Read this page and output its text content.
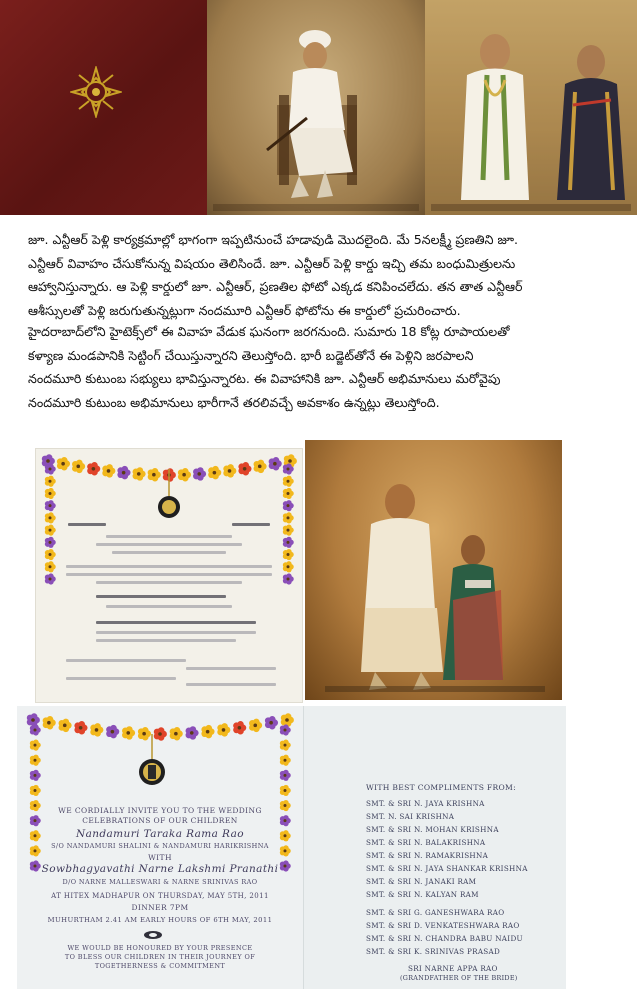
జూ. ఎన్టీఆర్ పెళ్లి కార్యక్రమాల్లో భాగంగా ఇప్పటినుంచే హడావుడి మొదలైంది. మే 5నలక్ష్మీ ప్రణతిని జూ.
ఎన్టీఆర్ వివాహం చేసుకోనున్న విషయం తెలిసిందే. జూ. ఎన్టీఆర్ పెళ్లి కార్డు ఇచ్చి తమ బంధుమిత్రులను
ఆహ్వానిస్తున్నారు. ఆ పెళ్లి కార్డులో జూ. ఎన్టీఆర్, ప్రణతిల ఫోటో ఎక్కడ కనిపించలేదు. తన తాత ఎన్టీఆర్
ఆశీస్సులతో పెళ్లి జరుగుతున్నట్లుగా నందమూరి ఎన్టీఆర్ ఫోటోను ఈ కార్డులో ప్రచురించారు.
హైదరాబాద్‌లోని హైటెక్స్‌లో ఈ వివాహ వేడుక ఘనంగా జరగనుంది. సుమారు 18 కోట్ల రూపాయలతో
కళ్యాణ మండపానికి సెట్టింగ్ చేయిస్తున్నారని తెలుస్తోంది. భారీ బడ్జెట్‌తోనే ఈ పెళ్లిని జరపాలని
నందమూరి కుటుంబ సభ్యులు భావిస్తున్నారట. ఈ వివాహానికి జూ. ఎన్టీఆర్ అభిమానులు మరోవైపు
నందమూరి కుటుంబ అభిమానులు భారీగానే తరలివచ్చే అవకాశం ఉన్నట్లు తెలుస్తోంది.
WE CORDIALLY INVITE YOU TO THE WEDDING
CELEBRATIONS OF OUR CHILDREN
Nandamuri Taraka Rama Rao
S/O NANDAMURI SHALINI & NANDAMURI HARIKRISHNA
WITH
Sowbhagyavathi Narne Lakshmi Pranathi
D/O NARNE MALLESWARI & NARNE SRINIVAS RAO
AT HITEX MADHAPUR ON THURSDAY, MAY 5TH, 2011
DINNER 7PM
MUHURTHAM 2.41 AM EARLY HOURS OF 6TH MAY, 2011
WE WOULD BE HONOURED BY YOUR PRESENCE
TO BLESS OUR CHILDREN IN THEIR JOURNEY OF
TOGETHERNESS & COMMITMENT
WITH BEST COMPLIMENTS FROM:
SMT. & SRI N. JAYA KRISHNA
SMT. N. SAI KRISHNA
SMT. & SRI N. MOHAN KRISHNA
SMT. & SRI N. BALAKRISHNA
SMT. & SRI N. RAMAKRISHNA
SMT. & SRI N. JAYA SHANKAR KRISHNA
SMT. & SRI N. JANAKI RAM
SMT. & SRI N. KALYAN RAM
SMT. & SRI G. GANESHWARA RAO
SMT. & SRI D. VENKATESHWARA RAO
SMT. & SRI N. CHANDRA BABU NAIDU
SMT. & SRI K. SRINIVAS PRASAD
SRI NARNE APPA RAO
(GRANDFATHER OF THE BRIDE)
